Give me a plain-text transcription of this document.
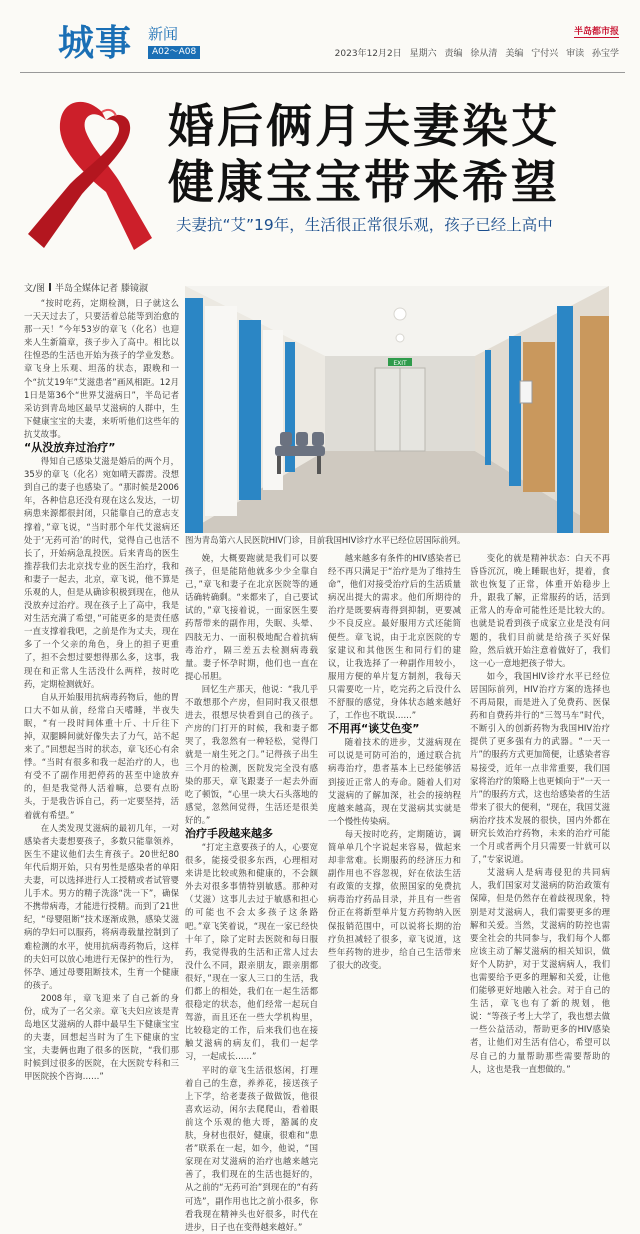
城事 新闻
A02～A08
半岛都市报
2023年12月2日 星期六 责编 徐从清 美编 宁付兴 审读 孙宝学
婚后俩月夫妻染艾
健康宝宝带来希望
夫妻抗“艾”19年，生活很正常很乐观，孩子已经上高中
文/图 半岛全媒体记者 滕镜淑

“按时吃药，定期检测，日子就这么一天天过去了，只要活着总能等到治愈的那一天！”今年53岁的章飞（化名）也迎来人生新篇章，孩子步入了高中。相比以往惶恐的生活也开始为孩子的学业发愁。章飞身上乐观、坦荡的状态，跟晚和一个“抗艾19年”艾滋患者”画风相距。12月1日是第36个“世界艾滋病日”，半岛记者采访到青岛地区最早艾滋病的人群中，生下健康宝宝的夫妻，来听听他们这些年的抗艾故事。

“从没放弃过治疗”

得知自己感染艾滋是婚后的两个月，35岁的章飞（化名）宛如晴天霹雳。没想到自己的妻子也感染了。“那时候是2006年，各种信息还没有现在这么发达，一切病患来源都很封闭，只能靠自己的意志支撑着，”章飞说，“当时那个年代艾滋病还处于‘无药可治’的时代，觉得自己也活不长了，开始病急乱投医。后来青岛的医生推荐我们去北京找专业的医生治疗，我和和妻子一起去，北京，章飞说，他不算是乐观的人，但是从确诊积极到现在，他从没放弃过治疗。现在孩子上了高中，我是对生活充满了希望，”可能更多的是责任感一直支撑着我吧，之前是作为丈夫，现在多了一个父亲的角色，身上的担子更重了，担不会想过要想得那么多，这事，我现在和正常人生活没什么两样，按时吃药，定期检测就好。

自从开始服用抗病毒药物后，他的胃口大不如从前，经常白天嗜睡，半夜失眠，“有一段时间体重十斤、十斤往下掉，双腿瞬间就好像失去了力气，站不起来了。”回想起当时的状态，章飞还心有余悸。“当时有很多和我一起治疗的人，也有受不了副作用把停药的甚至中途放弃的，但是我觉得人活着嘛，总要有点盼头，于是我告诉自己，药一定要坚持，活着就有希望。”

在人类发现艾滋病的最初几年，一对感染者夫妻想要孩子，多数只能靠领养，医生不建议他们去生育孩子。20世纪80年代后期开始，只有男性是感染者的单阳夫妻，可以选择进行人工授精或者试管婴儿手术。男方的精子洗涤“洗一下”，确保不携带病毒，才能进行授精。而到了21世纪，“母婴阻断”技术逐渐成熟，感染艾滋病的孕妇可以服药，将病毒载量控制到了难检测的水平，使用抗病毒药物后，这样的夫妇可以放心地进行无保护的性行为，怀孕、通过母婴阻断技术，生育一个健康的孩子。

2008年，章飞迎来了自己新的身份，成为了一名父亲。章飞夫妇应该是青岛地区艾滋病的人群中最早生下健康宝宝的夫妻，回想起当时为了生下健康的宝宝，夫妻俩也跑了很多的医院，“我们那时候到过很多的医院，在大医院专科和三甲医院挨个咨询……”

EXIT
图为青岛第六人民医院HIV门诊，目前我国HIV诊疗水平已经位居国际前列。

娩，大概要跑就是我们可以要孩子，但是能陪他就多少少全靠自己，”章飞和妻子在北京医院等的通话确转确剩。“来都来了，自己要试试的，”章飞接着说，一面家医生要药帮带来的副作用，失眠、头晕、四肢无力、一面积极地配合着抗病毒治疗，隔三差五去检测病毒载量。妻子怀孕时期，他们也一直在提心吊胆。

回忆生产那天，他说：“我几乎不敢想那个产房，但同时我又很想进去，很想尽快看到自己的孩子。产房的门打开的时候，我和妻子都哭了，我忽然有一种轻松，觉得门就是一扇生死之门。”记得孩子出生三个月的检测，医院发完全没有感染的那天，章飞跟妻子一起去外面吃了顿饭，“心里一块大石头落地的感觉，忽然间觉得，生活还是很美好的。”

治疗手段越来越多

“打定主意要孩子的人，心要宽很多，能接受很多东西，心理相对来讲是比较或熟和健康的，不会额外去对很多事情特别敏感。那种对（艾滋）这事儿去过于敏感和担心的可能也不会太多孩子这条路吧。”章飞笑着说，“现在一家已经快十年了，除了定时去医院和每日服药，我觉得我的生活和正常人过去没什么不同，跟亲朋友，跟亲朋都很好，”现在一家人三口的生活，我们都上的相处，我们在一起生活都很稳定的状态，他们经常一起玩自驾游，而且还在一些大学机构里，比较稳定的工作，后来我们也在接触艾滋病的病友们，我们一起学习，一起成长……”

平时的章飞生活很悠闲，打理着自己的生意，养养花，接送孩子上下学，给老妻孩子做做饭，他很喜欢运动，闲尔去爬爬山，看着眼前这个乐观的他大哥，豁属的皮肤，身材也很好，健康，很难和“患者”联系在一起，如今，他说，“国家现在对艾滋病的治疗也越来越完善了，我们现在的生活也挺好的，从之前的“无药可治”到现在的“有药可选”，副作用也比之前小很多，你看我现在精神头也好很多，时代在进步，日子也在变得越来越好。”

越来越多有条件的HIV感染者已经不再只满足于“治疗是为了维持生命”，他们对接受治疗后的生活质量病况出提大的需求。他们所期待的治疗是既要病毒得到抑制，更要减少不良反应。最好服用方式还能简便些。章飞说，由于北京医院的专家建议和其他医生和同行们的建议，让我选择了一种副作用较小，服用方便的单片复方制剂，我每天只需要吃一片，吃完药之后没什么不舒服的感觉，身体状态越来越好了，工作也不耽误……”

不用再“谈艾色变”

随着技术的进步，艾滋病现在可以说是可防可治的，通过联合抗病毒治疗，患者基本上已经能够活到接近正常人的寿命。随着人们对艾滋病的了解加深，社会的接纳程度越来越高，现在艾滋病其实就是一个慢性传染病。

每天按时吃药，定期随访，调简单单几个字说起来容易，做起来却非常难。长期服药的经济压力和副作用也不容忽视，好在依法生活有政策的支撑，依照国家的免费抗病毒治疗药品目录，并且有一些省份正在将新型单片复方药物纳入医保报销范围中，可以说将长期的治疗负担减轻了很多，章飞说道，这些年药物的进步，给自己生活带来了很大的改变。

变化的就是精神状态：白天不再昏昏沉沉，晚上睡眠也好，提着，食欲也恢复了正常，体重开始稳步上升，跟我了解，正常服药的话，活到正常人的寿命可能性还是比较大的。也就是说看到孩子成家立业是没有问题的，我们目前就是给孩子买好保险，然后就开始注意着做好了，我们这一心一意地把孩子带大。

如今，我国HIV诊疗水平已经位居国际前列，HIV治疗方案的选择也不再局限，而是进入了免费药、医保药和自费药并行的“三驾马车”时代，不断引入的创新药物为我国HIV治疗提供了更多强有力的武器。“一天一片”的服药方式更加简便，让感染者容易接受，近年一点非常重要，我们国家将治疗的策略上也更倾向于“一天一片”的服药方式，这也给感染者的生活带来了很大的便利，“现在，我国艾滋病治疗技术发展的很快，国内外都在研究长效治疗药物，未来的治疗可能一个月或者两个月只需要一针就可以了，”专家说道。

艾滋病人是病毒侵犯的共同病人，我们国家对艾滋病的防治政策有保障，但是仍然存在着歧视现象，特别是对艾滋病人，我们需要更多的理解和关爱。当然，艾滋病的防控也需要全社会的共同参与，我们每个人都应该主动了解艾滋病的相关知识，做好个人防护，对于艾滋病病人，我们也需要给予更多的理解和关爱，让他们能够更好地融入社会。对于自己的生活，章飞也有了新的规划，他说：“等孩子考上大学了，我也想去做一些公益活动，帮助更多的HIV感染者，让他们对生活有信心，希望可以尽自己的力量帮助那些需要帮助的人，这也是我一直想做的。”
